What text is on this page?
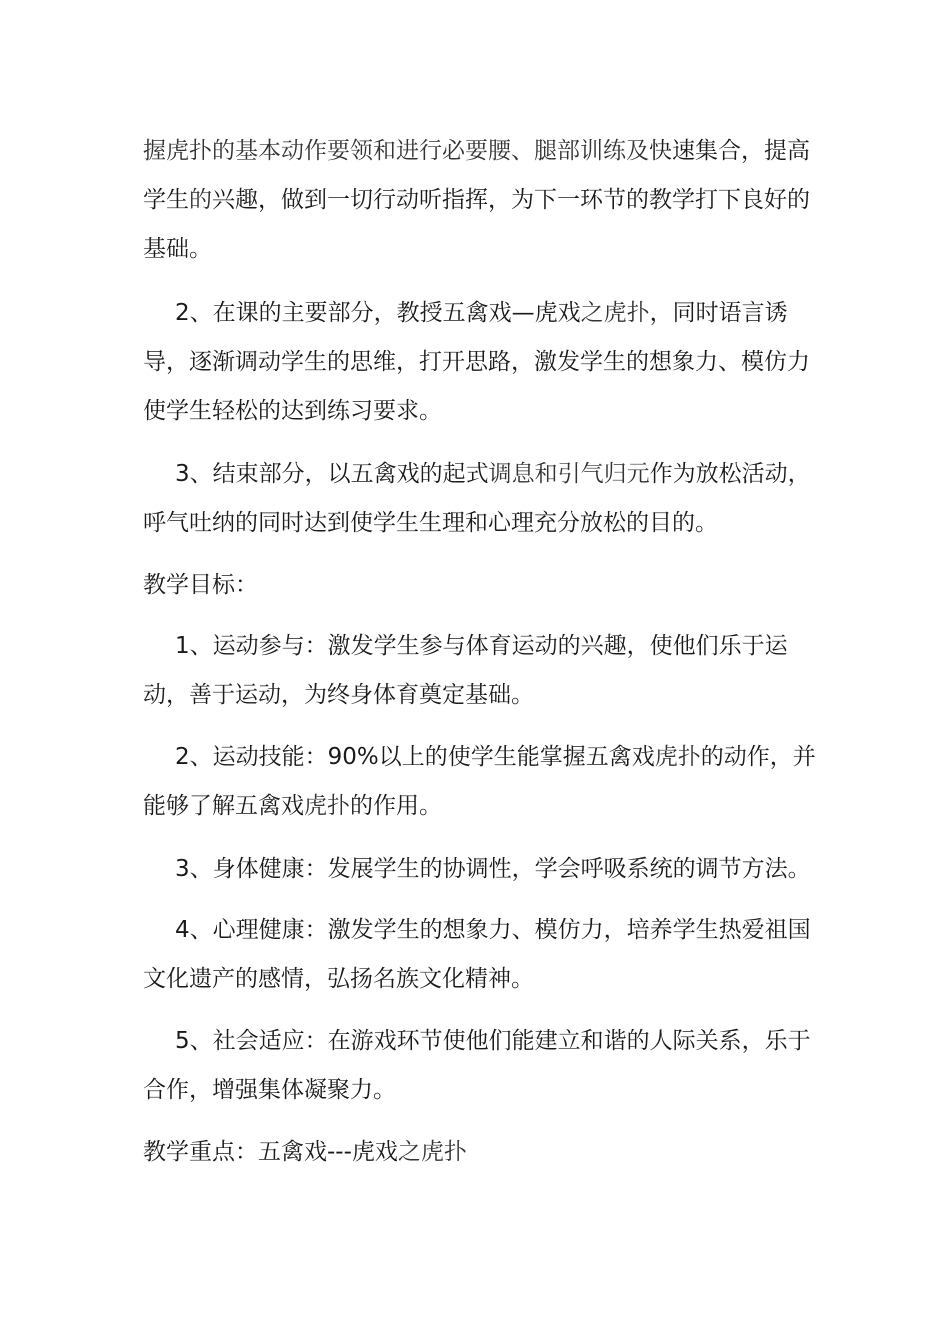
握虎扑的基本动作要领和进行必要腰、腿部训练及快速集合，提高学生的兴趣，做到一切行动听指挥，为下一环节的教学打下良好的基础。

2、在课的主要部分，教授五禽戏—虎戏之虎扑，同时语言诱导，逐渐调动学生的思维，打开思路，激发学生的想象力、模仿力使学生轻松的达到练习要求。

3、结束部分，以五禽戏的起式调息和引气归元作为放松活动，呼气吐纳的同时达到使学生生理和心理充分放松的目的。

教学目标：

1、运动参与：激发学生参与体育运动的兴趣，使他们乐于运动，善于运动，为终身体育奠定基础。

2、运动技能：90%以上的使学生能掌握五禽戏虎扑的动作，并能够了解五禽戏虎扑的作用。

3、身体健康：发展学生的协调性，学会呼吸系统的调节方法。

4、心理健康：激发学生的想象力、模仿力，培养学生热爱祖国文化遗产的感情，弘扬名族文化精神。

5、社会适应：在游戏环节使他们能建立和谐的人际关系，乐于合作，增强集体凝聚力。

教学重点：五禽戏---虎戏之虎扑
